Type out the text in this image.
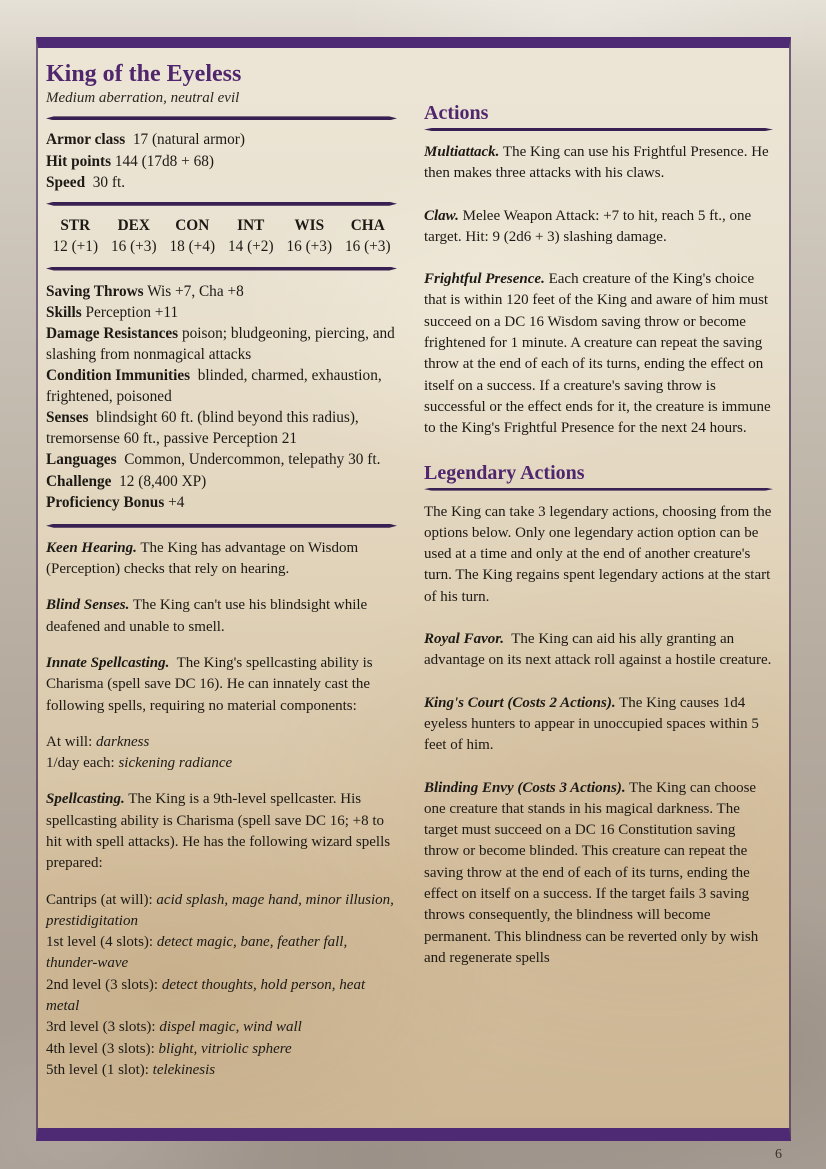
King of the Eyeless

Medium aberration, neutral evil

Armor class 17 (natural armor)

Hit points 144 (17d8 + 68)

Speed 30 ft.

STR
12 (+1)
DEX
16 (+3)
CON
18 (+4)
INT
14 (+2)
WIS
16 (+3)
CHA
16 (+3)

Saving Throws Wis +7, Cha +8

Skills Perception +11

Damage Resistances poison; bludgeoning, piercing, and slashing from nonmagical attacks

Condition Immunities blinded, charmed, exhaustion, frightened, poisoned

Senses blindsight 60 ft. (blind beyond this radius), tremorsense 60 ft., passive Perception 21

Languages Common, Undercommon, telepathy 30 ft.

Challenge 12 (8,400 XP)

Proficiency Bonus +4

Keen Hearing. The King has advantage on Wisdom (Perception) checks that rely on hearing.

Blind Senses. The King can't use his blindsight while deafened and unable to smell.

Innate Spellcasting. The King's spellcasting ability is Charisma (spell save DC 16). He can innately cast the following spells, requiring no material components:

At will: darkness

1/day each: sickening radiance

Spellcasting. The King is a 9th-level spellcaster. His spellcasting ability is Charisma (spell save DC 16; +8 to hit with spell attacks). He has the following wizard spells prepared:

Cantrips (at will): acid splash, mage hand, minor illusion, prestidigitation

1st level (4 slots): detect magic, bane, feather fall, thunder-wave

2nd level (3 slots): detect thoughts, hold person, heat metal

3rd level (3 slots): dispel magic, wind wall

4th level (3 slots): blight, vitriolic sphere

5th level (1 slot): telekinesis

Actions

Multiattack. The King can use his Frightful Presence. He then makes three attacks with his claws.

Claw. Melee Weapon Attack: +7 to hit, reach 5 ft., one target. Hit: 9 (2d6 + 3) slashing damage.

Frightful Presence. Each creature of the King's choice that is within 120 feet of the King and aware of him must succeed on a DC 16 Wisdom saving throw or become frightened for 1 minute. A creature can repeat the saving throw at the end of each of its turns, ending the effect on itself on a success. If a creature's saving throw is successful or the effect ends for it, the creature is immune to the King's Frightful Presence for the next 24 hours.

Legendary Actions

The King can take 3 legendary actions, choosing from the options below. Only one legendary action option can be used at a time and only at the end of another creature's turn. The King regains spent legendary actions at the start of his turn.

Royal Favor. The King can aid his ally granting an advantage on its next attack roll against a hostile creature.

King's Court (Costs 2 Actions). The King causes 1d4 eyeless hunters to appear in unoccupied spaces within 5 feet of him.

Blinding Envy (Costs 3 Actions). The King can choose one creature that stands in his magical darkness. The target must succeed on a DC 16 Constitution saving throw or become blinded. This creature can repeat the saving throw at the end of each of its turns, ending the effect on itself on a success. If the target fails 3 saving throws consequently, the blindness will become permanent. This blindness can be reverted only by wish and regenerate spells

6
